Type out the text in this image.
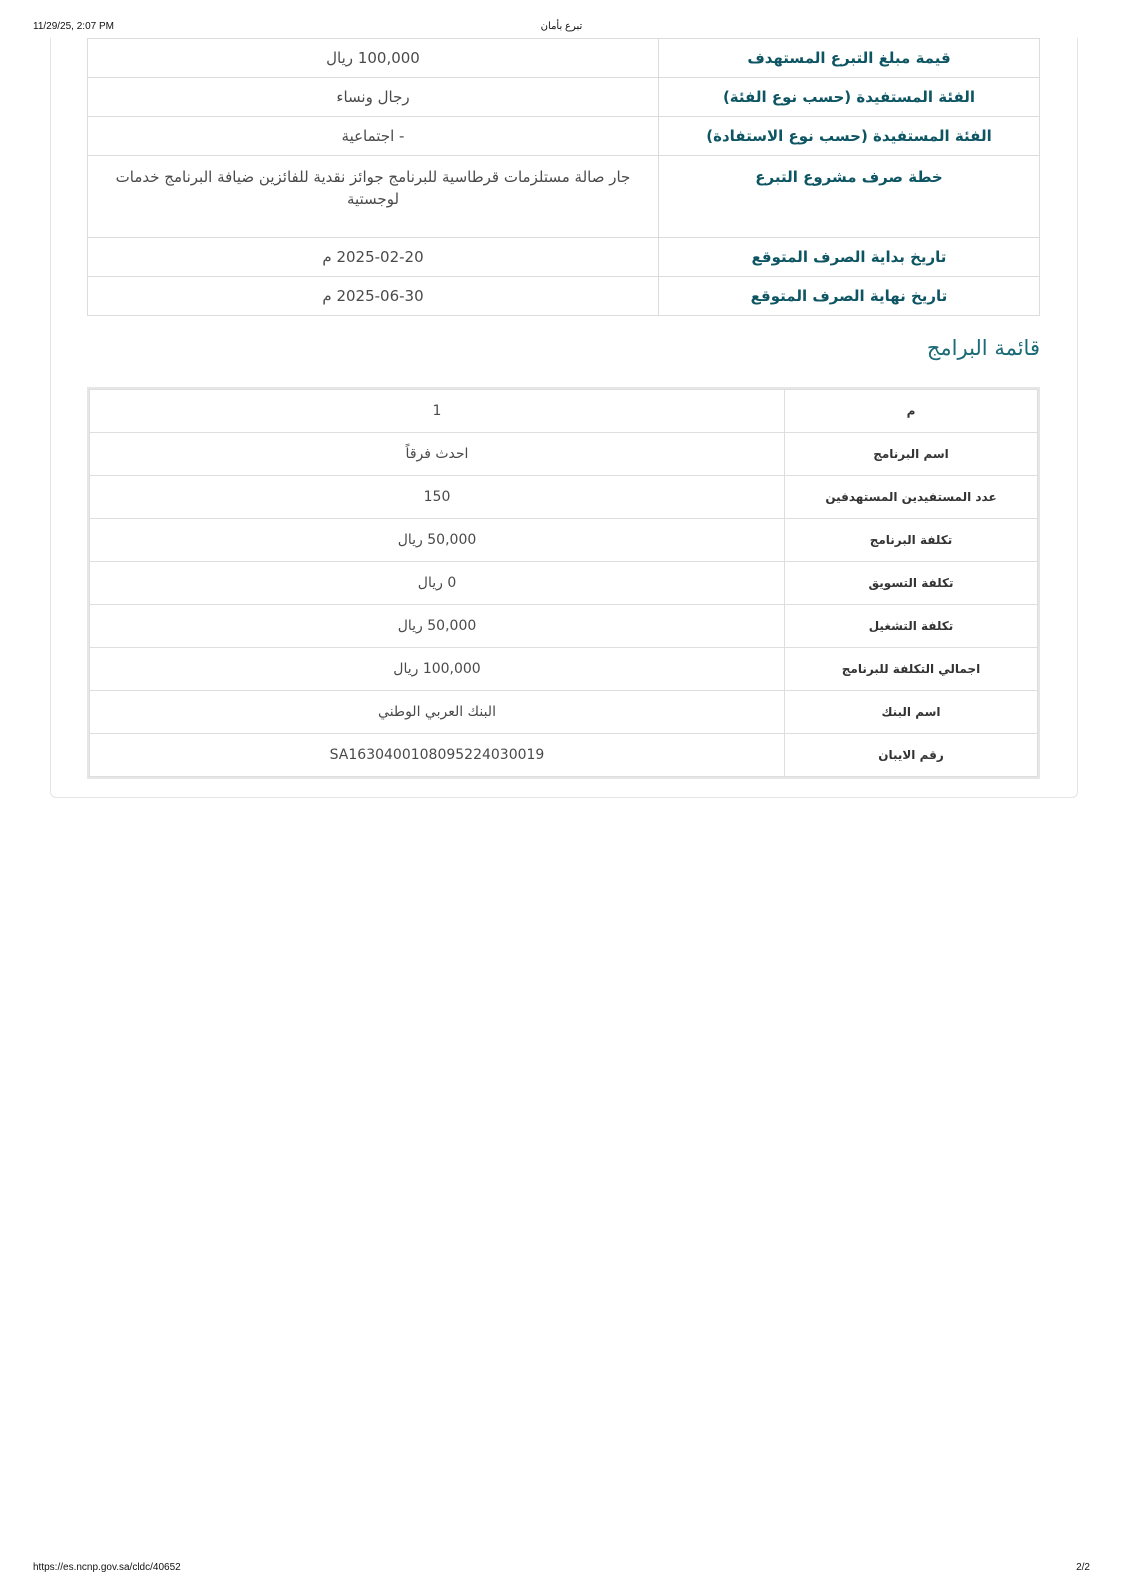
11/29/25, 2:07 PM	تبرع بأمان
قيمة مبلغ التبرع المستهدف	100,000 ريال
الفئة المستفيدة (حسب نوع الفئة)	رجال ونساء
الفئة المستفيدة (حسب نوع الاستفادة)	- اجتماعية
خطة صرف مشروع التبرع	جار صالة مستلزمات قرطاسية للبرنامج جوائز نقدية للفائزين ضيافة البرنامج خدمات لوجستية
تاريخ بداية الصرف المتوقع	2025-02-20 م
تاريخ نهاية الصرف المتوقع	2025-06-30 م
قائمة البرامج
م	1
اسم البرنامج	احدث فرقاً
عدد المستفيدين المستهدفين	150
تكلفة البرنامج	50,000 ريال
تكلفة التسويق	0 ريال
تكلفة التشغيل	50,000 ريال
اجمالي التكلفة للبرنامج	100,000 ريال
اسم البنك	البنك العربي الوطني
رقم الايبان	SA1630400108095224030019
https://es.ncnp.gov.sa/cldc/40652	2/2
